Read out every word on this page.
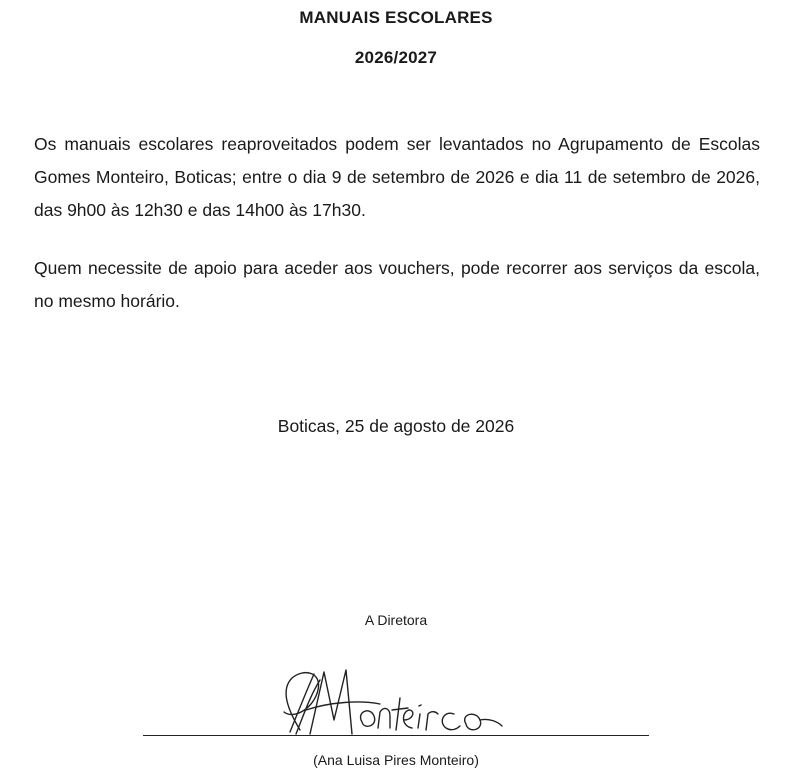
MANUAIS ESCOLARES
2026/2027

Os manuais escolares reaproveitados podem ser levantados no Agrupamento de Escolas Gomes Monteiro, Boticas; entre o dia 9 de setembro de 2026 e dia 11 de setembro de 2026, das 9h00 às 12h30 e das 14h00 às 17h30.

Quem necessite de apoio para aceder aos vouchers, pode recorrer aos serviços da escola, no mesmo horário.

Boticas, 25 de agosto de 2026
A Diretora
(Ana Luisa Pires Monteiro)
